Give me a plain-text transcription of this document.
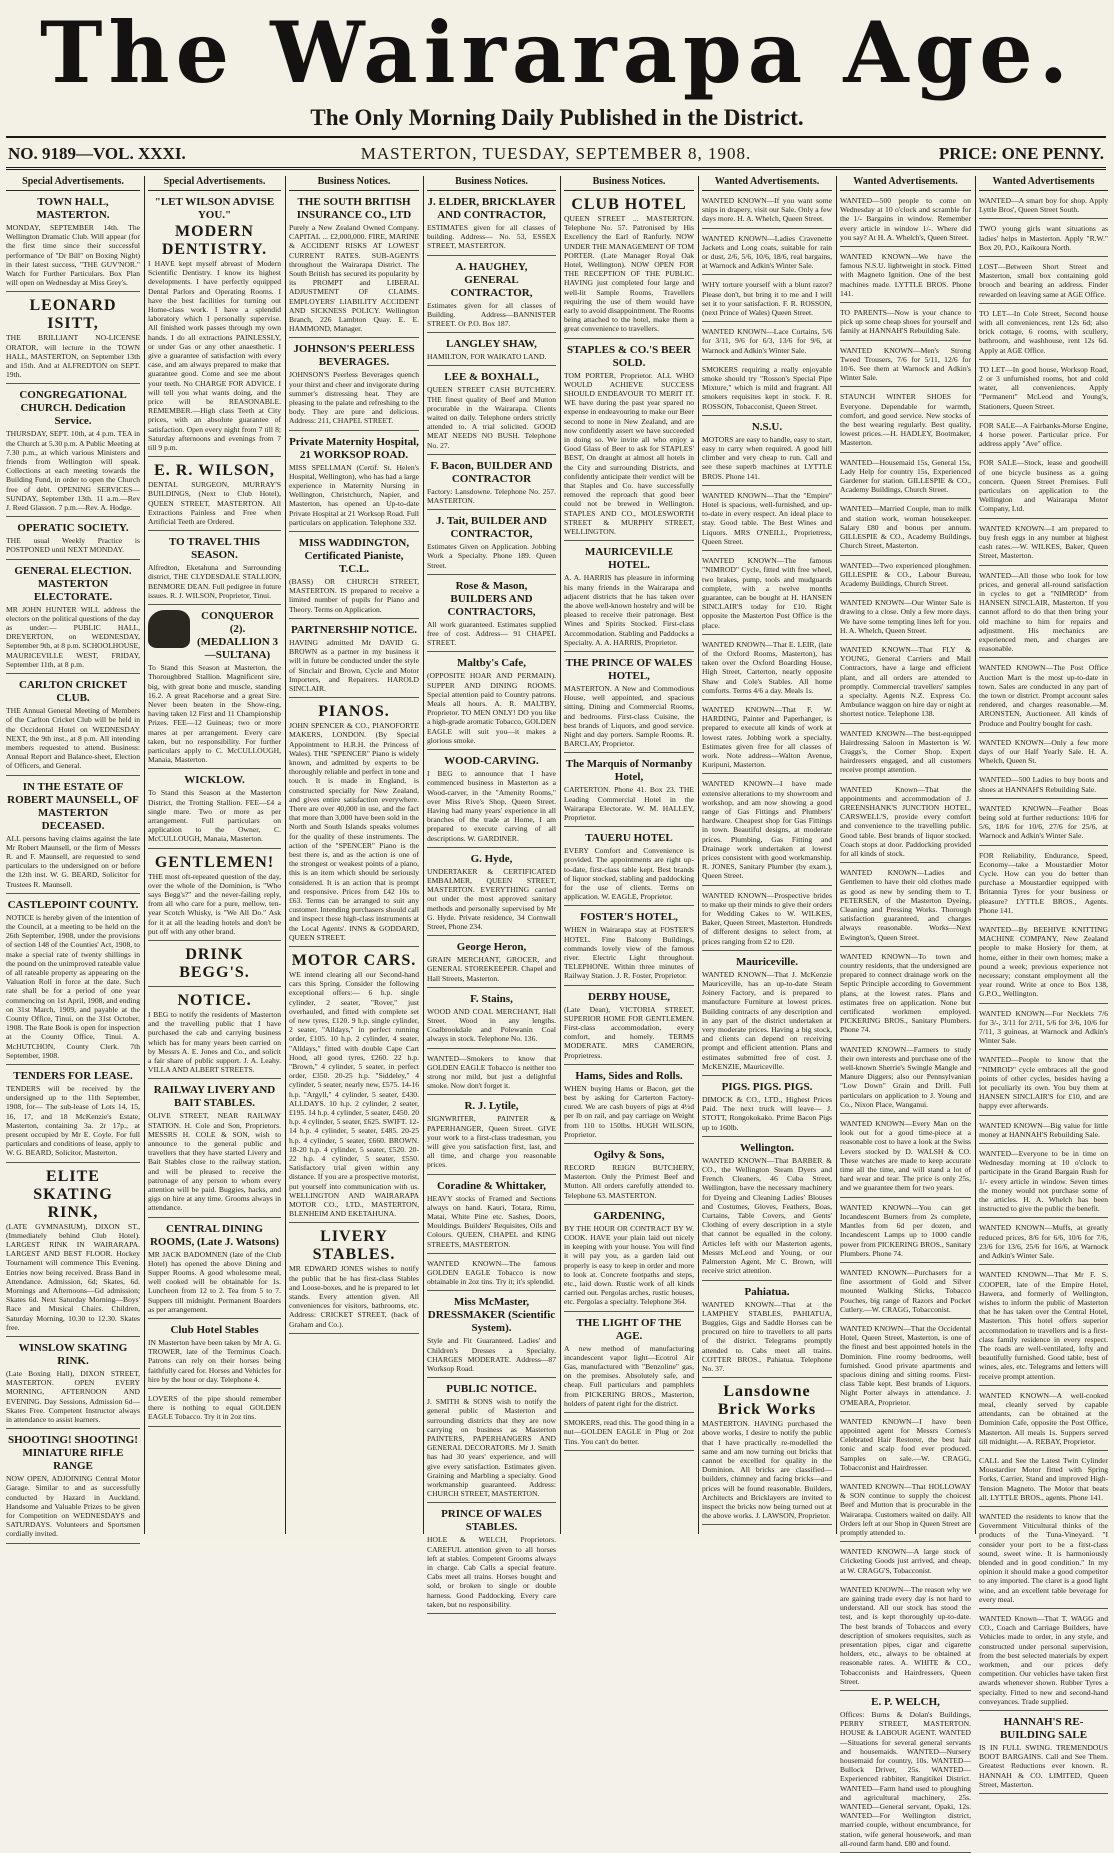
The Wairarapa Age.
The Only Morning Daily Published in the District.
MASTERTON, TUESDAY, SEPTEMBER 8, 1908.
NO. 9189—VOL. XXXI.	PRICE: ONE PENNY.
Special Advertisements.
TOWN HALL, MASTERTON.
MONDAY, SEPTEMBER 14th. The Wellington Dramatic Club. Will appear (for the first time since their successful performance of "Dr Bill" on Boxing Night) in their latest success, "THE GUV'NOR." Watch for Further Particulars. Box Plan will open on Wednesday at Miss Grey's.
LEONARD ISITT,
THE BRILLIANT NO-LICENSE ORATOR, will lecture in the TOWN HALL, MASTERTON, on September 13th and 15th. And at ALFREDTON on SEPT. 19th.
CONGREGATIONAL CHURCH. Dedication Service.
THURSDAY, SEPT. 10th, at 4 p.m. TEA in the Church at 5.30 p.m. A Public Meeting at 7.30 p.m., at which various Ministers and friends from Wellington will speak. Collections at each meeting towards the Building Fund, in order to open the Church free of debt. OPENING SERVICES—SUNDAY, September 13th. 11 a.m.—Rev J. Reed Glasson. 7 p.m.—Rev. A. Hodge.
OPERATIC SOCIETY.
THE usual Weekly Practice is POSTPONED until NEXT MONDAY.
GENERAL ELECTION. MASTERTON ELECTORATE.
MR JOHN HUNTER WILL address the electors on the political questions of the day as under:— PUBLIC HALL, DREYERTON, on WEDNESDAY, September 9th, at 8 p.m. SCHOOLHOUSE, MAURICEVILLE WEST, FRIDAY, September 11th, at 8 p.m.
CARLTON CRICKET CLUB.
THE Annual General Meeting of Members of the Carlton Cricket Club will be held in the Occidental Hotel on WEDNESDAY NEXT, the 9th inst., at 8 p.m. All intending members requested to attend. Business: Annual Report and Balance-sheet, Election of Officers, and General.
IN THE ESTATE OF ROBERT MAUNSELL, OF MASTERTON DECEASED.
ALL persons having claims against the late Mr Robert Maunsell, or the firm of Messrs R. and F. Maunsell, are requested to send particulars to the undersigned on or before the 12th inst. W. G. BEARD, Solicitor for Trustees R. Maunsell.
CASTLEPOINT COUNTY.
NOTICE is hereby given of the intention of the Council, at a meeting to be held on the 26th September, 1908, under the provisions of section 148 of the Counties' Act, 1908, to make a special rate of twenty shillings in the pound on the unimproved rateable value of all rateable property as appearing on the Valuation Roll in force at the date. Such rate shall be for a period of one year commencing on 1st April, 1908, and ending on 31st March, 1909, and payable at the County Office, Tinui, on the 31st October, 1908. The Rate Book is open for inspection at the County Office, Tinui. A. McHUTCHON, County Clerk. 7th September, 1908.
TENDERS FOR LEASE.
TENDERS will be received by the undersigned up to the 11th September, 1908, for— The sub-lease of Lots 14, 15, 16, 17, and 18 McKenzie's Estate, Masterton, containing 3a. 2r 17p., at present occupied by Mr E. Coyle. For full particulars and conditions of lease, apply to W. G. BEARD, Solicitor, Masterton.
ELITE SKATING RINK,
(LATE GYMNASIUM), DIXON ST., (Immediately behind Club Hotel). LARGEST RINK IN WAIRARAPA. LARGEST AND BEST FLOOR. Hockey Tournament will commence This Evening. Entries now being received. Brass Band in Attendance. Admission, 6d; Skates, 6d. Mornings and Afternoons—Gd admission; Skates 6d. Next Saturday Morning—Boys' Race and Musical Chairs. Children, Saturday Morning, 10.30 to 12.30. Skates free.
WINSLOW SKATING RINK.
(Late Boxing Hall), DIXON STREET, MASTERTON. OPEN EVERY MORNING, AFTERNOON AND EVENING. Day Sessions, Admission 6d—Skates Free. Competent Instructor always in attendance to assist learners.
SHOOTING! SHOOTING! MINIATURE RIFLE RANGE
NOW OPEN, ADJOINING Central Motor Garage. Similar to and as successfully conducted by Hazard in Auckland. Handsome and Valuable Prizes to be given for Competition on WEDNESDAYS and SATURDAYS. Volunteers and Sportsmen cordially invited.
Special Advertisements.
"LET WILSON ADVISE YOU."
MODERN DENTISTRY.
I HAVE kept myself abreast of Modern Scientific Dentistry. I know its highest developments. I have perfectly equipped Dental Parlors and Operating Rooms. I have the best facilities for turning out Home-class work. I have a splendid laboratory which I personally supervise. All finished work passes through my own hands. I do all extractions PAINLESSLY, or under Gas or any other anaesthetic. I give a guarantee of satisfaction with every case, and am always prepared to make that guarantee good. Come and see me about your teeth. No CHARGE FOR ADVICE. I will tell you what wants doing, and the price will be REASONABLE. REMEMBER.—High class Teeth at City prices, with an absolute guarantee of satisfaction. Open every night from 7 till 8; Saturday afternoons and evenings from 7 till 9 p.m.
E. R. WILSON,
DENTAL SURGEON, MURRAY'S BUILDINGS, (Next to Club Hotel), QUEEN STREET, MASTERTON. All Extractions Painless and Free when Artificial Teeth are Ordered.
TO TRAVEL THIS SEASON.
Alfredton, Eketahuna and Surrounding district, THE CLYDESDALE STALLION, BENMORE DEAN. Full pedigree in future issues. R. J. WILSON, Proprietor, Tinui.
CONQUEROR (2). (MEDALLION 3—SULTANA)
To Stand this Season at Masterton, the Thoroughbred Stallion. Magnificent sire, big, with great bone and muscle, standing 16.2. A great Racehorse and a great Sire. Never been beaten in the Show-ring, having taken 12 First and 11 Championship Prizes. FEE—12 Guineas; two or more mares at per arrangement. Every care taken, but no responsibility. For further particulars apply to C. McCULLOUGH, Manaia, Masterton.
WICKLOW.
To Stand this Season at the Masterton District, the Trotting Stallion. FEE—£4 a single mare. Two or more as per arrangement. Full particulars on application to the Owner, C. McCULLOUGH, Manaia, Masterton.
GENTLEMEN!
THE most oft-repeated question of the day, over the whole of the Dominion, is "Who says Begg's?" and the never-failing reply, from all who care for a pure, mellow, ten-year Scotch Whisky, is "We All Do." Ask for it at all the leading hotels and don't be put off with any other brand.
DRINK BEGG'S.
NOTICE.
I BEG to notify the residents of Masterton and the travelling public that I have purchased the cab and carrying business which has for many years been carried on by Messrs A. E. Jones and Co., and solicit a fair share of public support. J. A. Leahy. VILLA AND ALBERT STREETS.
RAILWAY LIVERY AND BAIT STABLES.
OLIVE STREET, NEAR RAILWAY STATION. H. Cole and Son, Proprietors. MESSRS H. COLE & SON, wish to announce to the general public and travellers that they have started Livery and Bait Stables close to the railway station, and will be pleased to receive the patronage of any person to whom every attention will be paid. Buggies, hacks, and gigs on hire at any time. Grooms always in attendance.
CENTRAL DINING ROOMS, (Late J. Watsons)
MR JACK BADOMNEN (late of the Club Hotel) has opened the above Dining and Supper Rooms. A good wholesome meal, well cooked will be obtainable for 1s. Luncheon from 12 to 2. Tea from 5 to 7. Suppers till midnight. Permanent Boarders as per arrangement.
Club Hotel Stables
IN Masterton have been taken by Mr A. G. TROWER, late of the Terminus Coach. Patrons can rely on their horses being faithfully cared for. Horses and Vehicles for hire by the hour or day. Telephone 4.
LOVERS of the pipe should remember there is nothing to equal GOLDEN EAGLE Tobacco. Try it in 2oz tins.
Business Notices.
THE SOUTH BRITISH INSURANCE CO., LTD
Purely a New Zealand Owned Company. CAPITAL ... £2,000,000. FIRE, MARINE & ACCIDENT RISKS AT LOWEST CURRENT RATES. SUB-AGENTS throughout the Wairarapa District. The South British has secured its popularity by its PROMPT and LIBERAL ADJUSTMENT OF CLAIMS. EMPLOYERS' LIABILITY ACCIDENT AND SICKNESS POLICY. Wellington Branch, 226 Lambton Quay. E. E. HAMMOND, Manager.
JOHNSON'S PEERLESS BEVERAGES.
JOHNSON'S Peerless Beverages quench your thirst and cheer and invigorate during summer's distressing heat. They are pleasing to the palate and refreshing to the body. They are pure and delicious. Address: 211, CHAPEL STREET.
Private Maternity Hospital, 21 WORKSOP ROAD.
MISS SPELLMAN (Certif. St. Helen's Hospital, Wellington), who has had a large experience in Maternity Nursing in Wellington, Christchurch, Napier, and Masterton, has opened an Up-to-date Private Hospital at 21 Worksop Road. Full particulars on application. Telephone 332.
MISS WADDINGTON, Certificated Pianiste, T.C.L.
(BASS) OR CHURCH STREET, MASTERTON. IS prepared to receive a limited number of pupils for Piano and Theory. Terms on Application.
PARTNERSHIP NOTICE.
HAVING admitted Mr DAVID G. BROWN as a partner in my business it will in future be conducted under the style of Sinclair and Brown, Cycle and Motor Importers, and Repairers. HAROLD SINCLAIR.
PIANOS.
JOHN SPENCER & CO., PIANOFORTE MAKERS, LONDON. (By Special Appointment to H.R.H. the Princess of Wales). THE "SPENCER" Piano is widely known, and admitted by experts to be thoroughly reliable and perfect in tone and touch. It is made in England, is constructed specially for New Zealand, and gives entire satisfaction everywhere. There are over 40,000 in use, and the fact that more than 3,000 have been sold in the North and South Islands speaks volumes for the quality of these instruments. The action of the "SPENCER" Piano is the best there is, and as the action is one of the strongest or weakest points of a piano, this is an item which should be seriously considered. It is an action that is prompt and responsive. Prices from £42 10s to £63. Terms can be arranged to suit any customer. Intending purchasers should call and inspect these high-class instruments at the Local Agents'. INNS & GODDARD, QUEEN STREET.
MOTOR CARS.
WE intend clearing all our Second-hand cars this Spring. Consider the following exceptional offers:— 6 h.p. single cylinder, 2 seater, "Rover," just overhauled, and fitted with complete set of new tyres, £120. 9 h.p. single cylinder, 2 seater, "Alldays," in perfect running order, £105. 10 h.p. 2 cylinder, 4 seater, "Alldays," fitted with double Cape Cart Hood, all good tyres, £260. 22 h.p. "Brown," 4 cylinder, 5 seater, in perfect order, £350. 20-25 h.p. "Siddeley," 4 cylinder, 5 seater, nearly new, £575. 14-16 h.p. "Argyll," 4 cylinder, 5 seater, £430. ALLDAYS. 10 h.p. 2 cylinder, 2 seater, £195. 14 h.p. 4 cylinder, 5 seater, £450. 20 h.p. 4 cylinder, 5 seater, £625. SWIFT. 12-14 h.p. 4 cylinder, 5 seater, £485. 20-25 h.p. 4 cylinder, 5 seater, £660. BROWN. 18-20 h.p. 4 cylinder, 5 seater, £520. 20-22 h.p. 4 cylinder, 5 seater, £550. Satisfactory trial given within any distance. If you are a prospective motorist, put yourself into communication with us. WELLINGTON AND WAIRARAPA MOTOR CO., LTD., MASTERTON, BLENHEIM AND EKETAHUNA.
LIVERY STABLES.
MR EDWARD JONES wishes to notify the public that he has first-class Stables and Loose-boxes, and he is prepared to let stands. Every attention given. All conveniences for visitors, bathrooms, etc. Address: CRICKET STREET, (back of Graham and Co.).
Business Notices.
J. ELDER, BRICKLAYER AND CONTRACTOR,
ESTIMATES given for all classes of building. Address— No. 53, ESSEX STREET, MASTERTON.
A. HAUGHEY, GENERAL CONTRACTOR,
Estimates given for all classes of Building. Address—BANNISTER STREET. Or P.O. Box 187.
LANGLEY SHAW,
HAMILTON, FOR WAIKATO LAND.
LEE & BOXHALL,
QUEEN STREET CASH BUTCHERY. THE finest quality of Beef and Mutton procurable in the Wairarapa. Clients waited on daily. Telephone orders strictly attended to. A trial solicited. GOOD MEAT NEEDS NO BUSH. Telephone No. 27.
F. Bacon, BUILDER AND CONTRACTOR
Factory: Lansdowne. Telephone No. 257. MASTERTON.
J. Tait, BUILDER AND CONTRACTOR,
Estimates Given on Application. Jobbing Work a Specialty. Phone 189. Queen Street.
Rose & Mason, BUILDERS AND CONTRACTORS,
All work guaranteed. Estimates supplied free of cost. Address— 91 CHAPEL STREET.
Maltby's Cafe,
(OPPOSITE HOAR AND PERMAIN). SUPPER AND DINING ROOMS. Special attention paid to Country patrons. Meals all hours. A. R. MALTBY, Proprietor. TO MEN ONLY! DO you like a high-grade aromatic Tobacco, GOLDEN EAGLE will suit you—it makes a glorious smoke.
WOOD-CARVING.
I BEG to announce that I have commenced business in Masterton as a Wood-carver, in the "Amenity Rooms," over Miss Rive's Shop, Queen Street. Having had many years' experience in all branches of the trade at Home, I am prepared to execute carving of all descriptions. W. GARDINER.
G. Hyde,
UNDERTAKER & CERTIFICATED EMBALMER, QUEEN STREET, MASTERTON. EVERYTHING carried out under the most approved sanitary methods and personally supervised by Mr G. Hyde. Private residence, 34 Cornwall Street, Phone 234.
George Heron,
GRAIN MERCHANT, GROCER, and GENERAL STOREKEEPER. Chapel and Hall Streets, Masterton.
F. Stains,
WOOD AND COAL MERCHANT, Hall Street. Wood in any lengths. Coalbrookdale and Polewanin Coal always in stock. Telephone No. 136.
WANTED—Smokers to know that GOLDEN EAGLE Tobacco is neither too strong nor mild, but just a delightful smoke. Now don't forget it.
R. J. Lytile,
SIGNWRITER, PAINTER & PAPERHANGER, Queen Street. GIVE your work to a first-class tradesman, you will give you satisfaction first, last, and all time, and charge you reasonable prices.
Coradine & Whittaker,
HEAVY stocks of Framed and Sections always on hand. Kauri, Totara, Rimu, Matai, White Pine etc. Sashes, Doors, Mouldings. Builders' Requisites, Oils and Colours. QUEEN, CHAPEL and KING STREETS, MASTERTON.
WANTED KNOWN—The famous GOLDEN EAGLE Tobacco is now obtainable in 2oz tins. Try it; it's splendid.
Miss McMaster, DRESSMAKER (Scientific System).
Style and Fit Guaranteed. Ladies' and Children's Dresses a Specialty. CHARGES MODERATE. Address—87 Worksop Road.
PUBLIC NOTICE.
J. SMITH & SONS wish to notify the general public of Masterton and surrounding districts that they are now carrying on business as Masterton PAINTERS, PAPERHANGERS AND GENERAL DECORATORS. Mr J. Smith has had 30 years' experience, and will give every satisfaction. Estimates given. Graining and Marbling a specialty. Good workmanship guaranteed. Address: CHURCH STREET, MASTERTON.
PRINCE OF WALES STABLES.
HOLE & WELCH, Proprietors. CAREFUL attention given to all horses left at stables. Competent Grooms always in charge. Cab Calls a special feature. Cabs meet all trains. Horses bought and sold, or broken to single or double harness. Good Paddocking. Every care taken, but no responsibility.
Business Notices.
CLUB HOTEL
QUEEN STREET ... MASTERTON. Telephone No. 57. Patronised by His Excellency the Earl of Ranfurly. NOW UNDER THE MANAGEMENT OF TOM PORTER. (Late Manager Royal Oak Hotel, Wellington). NOW OPEN FOR THE RECEPTION OF THE PUBLIC. HAVING just completed four large and well-lit Sample Rooms, Travellers requiring the use of them would have early to avoid disappointment. The Rooms being attached to the hotel, make them a great convenience to travellers.
STAPLES & CO.'S BEER SOLD.
TOM PORTER, Proprietor. ALL WHO WOULD ACHIEVE SUCCESS SHOULD ENDEAVOUR TO MERIT IT. WE have during the past year spared no expense in endeavouring to make our Beer second to none in New Zealand, and are now confidently assert we have succeeded in doing so. We invite all who enjoy a Good Glass of Beer to ask for STAPLES' BEST, On draught at almost all hotels in the City and surrounding Districts, and confidently anticipate their verdict will be that Staples and Co. have successfully removed the reproach that good beer could not be brewed in Wellington. STAPLES AND CO., MOLESWORTH STREET & MURPHY STREET, WELLINGTON.
MAURICEVILLE HOTEL.
A. A. HARRIS has pleasure in informing his many friends in the Wairarapa and adjacent districts that he has taken over the above well-known hostelry and will be pleased to receive their patronage. Best Wines and Spirits Stocked. First-class Accommodation. Stabling and Paddocks a Specialty. A. A. HARRIS, Proprietor.
THE PRINCE OF WALES HOTEL,
MASTERTON. A New and Commodious House, well appointed, and spacious sitting, Dining and Commercial Rooms, and bedrooms. First-class Cuisine, the best brands of Liquors, and good service. Night and day porters. Sample Rooms. R. BARCLAY, Proprietor.
The Marquis of Normanby Hotel,
CARTERTON. Phone 41. Box 23. THE Leading Commercial Hotel in the Wairarapa Electorate. W. M. HALLEY, Proprietor.
TAUERU HOTEL
EVERY Comfort and Convenience is provided. The appointments are right up-to-date, first-class table kept. Best brands of liquor stocked, stabling and paddocking for the use of clients. Terms on application. W. EAGLE, Proprietor.
FOSTER'S HOTEL,
WHEN in Wairarapa stay at FOSTER'S HOTEL. Fine Balcony Buildings, commands lovely view of the famous river. Electric Light throughout. TELEPHONE. Within three minutes of Railway Station. J. R. Foster, Proprietor.
DERBY HOUSE,
(Late Dean), VICTORIA STREET, SUPERIOR HOME FOR GENTLEMEN. First-class accommodation, every comfort, and homely. TERMS MODERATE. MRS CAMERON, Proprietress.
Hams, Sides and Rolls.
WHEN buying Hams or Bacon, get the best by asking for Carterton Factory-cured. We are cash buyers of pigs at 4½d per lb on rail, and pay carriage on Weight from 110 to 150lbs. HUGH WILSON, Proprietor.
Ogilvy & Sons,
RECORD REIGN BUTCHERY, Masterton. Only the Primest Beef and Mutton. All orders carefully attended to. Telephone 63. MASTERTON.
GARDENING,
BY THE HOUR OR CONTRACT BY W. COOK. HAVE your plain laid out nicely in keeping with your house. You will find it will pay you, as a garden laid out properly is easy to keep in order and more to look at. Concrete footpaths and steps, etc., laid down. Rustic work of all kinds carried out. Pergolas arches, rustic houses, etc. Pergolas a specialty. Telephone 364.
THE LIGHT OF THE AGE.
A new method of manufacturing incandescent vapor light—Ecotrol Air Gas, manufactured with "Benzoline" gas, on the premises. Absolutely safe, and cheap. Full particulars and pamphlets from PICKERING BROS., Masterton, holders of patent right for the district.
SMOKERS, read this. The good thing in a nut—GOLDEN EAGLE in Plug or 2oz Tins. You can't do better.
Wanted Advertisements.
WANTED KNOWN—If you want some snips in drapery, visit our Sale. Only a few days more. H. A. Whelch, Queen Street.
WANTED KNOWN—Ladies Cravenette Jackets and Long coats, suitable for rain or dust, 2/6, 5/6, 10/6, 18/6, real bargains, at Warnock and Adkin's Winter Sale.
WHY torture yourself with a blunt razor? Please don't, but bring it to me and I will set it to your satisfaction. F. R. ROSSON, (next Prince of Wales) Queen Street.
WANTED KNOWN—Lace Curtains, 5/6 for 3/11, 9/6 for 6/3, 13/6 for 9/6, at Warnock and Adkin's Winter Sale.
SMOKERS requiring a really enjoyable smoke should try "Rosson's Special Pipe Mixture," which is mild and fragrant. All smokers requisites kept in stock. F. R. ROSSON, Tobacconist, Queen Street.
N.S.U.
MOTORS are easy to handle, easy to start, easy to carry when required. A good hill climber and very cheap to run. Call and see these superb machines at LYTTLE BROS. Phone 141.
WANTED KNOWN—That the "Empire" Hotel is spacious, well-furnished, and up-to-date in every respect. An ideal place to stay. Good table. The Best Wines and Liquors. MRS O'NEILL, Proprietress, Queen Street.
WANTED KNOWN—The famous "NIMROD" Cycle, fitted with free wheel, two brakes, pump, tools and mudguards complete, with a twelve months guarantee, can be bought at H. HANSEN SINCLAIR'S today for £10. Right opposite the Masterton Post Office is the place.
WANTED KNOWN—That E. LEIR, (late of the Oxford Rooms, Masterton), has taken over the Oxford Boarding House, High Street, Carterton, nearly opposite Shaw and Cole's Stables. All home comforts. Terms 4/6 a day. Meals 1s.
WANTED KNOWN—That F. W. HARDING, Painter and Paperhanger, is prepared to execute all kinds of work at lowest rates. Jobbing work a specialty. Estimates given free for all classes of work. Note address—Walton Avenue, Kuripuni, Masterton.
WANTED KNOWN—I have made extensive alterations to my showroom and workshop, and am now showing a good range of Gas Fittings and Plumbers' hardware. Cheapest shop for Gas Fittings in town. Beautiful designs, at moderate prices. Plumbing, Gas Fitting and Drainage work undertaken at lowest prices consistent with good workmanship. R. JONES, Sanitary Plumber (by exam.), Queen Street.
WANTED KNOWN—Prospective brides to make up their minds to give their orders for Wedding Cakes to W. WILKES, Baker, Queen Street, Masterton. Hundreds of different designs to select from, at prices ranging from £2 to £20.
Mauriceville.
WANTED KNOWN—That J. McKenzie Mauriceville, has an up-to-date Steam Joinery Factory, and is prepared to manufacture Furniture at lowest prices. Building contracts of any description and in any part of the district undertaken at very moderate prices. Having a big stock, and clients can depend on receiving prompt and efficient attention. Plans and estimates submitted free of cost. J. McKENZIE, Mauriceville.
PIGS. PIGS. PIGS.
DIMOCK & CO., LTD., Highest Prices Paid. The next truck will leave— J. STOTT, Rongokokako. Prime Bacon Pigs up to 160lb.
Wellington.
WANTED KNOWN—That BARBER & CO., the Wellington Steam Dyers and French Cleaners, 46 Cuba Street, Wellington, have the necessary machinery for Dyeing and Cleaning Ladies' Blouses and Costumes, Gloves, Feathers, Boas, Curtains, Table Covers, and Gents' Clothing of every description in a style that cannot be equalled in the colony. Articles left with our Masterton agents, Messrs McLeod and Young, or our Palmerston Agent, Mr C. Brown, will receive strict attention.
Pahiatua.
WANTED KNOWN—That at the LAMPHEY STABLES, PAHIATUA, Buggies, Gigs and Saddle Horses can be procured on hire to travellers to all parts of the district. Telegrams promptly attended to. Cabs meet all trains. COTTER BROS., Pahiatua. Telephone No. 37.
Lansdowne Brick Works
MASTERTON. HAVING purchased the above works, I desire to notify the public that I have practically re-modelled the same and am now turning out bricks that cannot be excelled for quality in the Dominion. All bricks are classified—builders, chimney and facing bricks—and prices will be found reasonable. Builders, Architects and Bricklayers are invited to inspect the bricks now being turned out at the above works. J. LAWSON, Proprietor.
Wanted Advertisements.
WANTED—500 people to come on Wednesday at 10 o'clock and scramble for the 1/- Bargains in window. Remember every article in window 1/-. Where did you say? At H. A. Whelch's, Queen Street.
WANTED KNOWN—We have the famous N.S.U. lightweight in stock. Fitted with Magneto Ignition. One of the best machines made. LYTTLE BROS. Phone 141.
TO PARENTS—Now is your chance to pick up some cheap shoes for yourself and family at HANNAH'S Rebuilding Sale.
WANTED KNOWN—Men's Strong Tweed Trousers, 7/6 for 5/11, 12/6 for 10/6. See them at Warnock and Adkin's Winter Sale.
STAUNCH WINTER SHOES for Everyone. Dependable for warmth, comfort, and good service. New stocks of the best wearing regularly. Best quality, lowest prices.—H. HADLEY, Bootmaker, Masterton.
WANTED—Housemaid 15s, General 15s, Lady Help for country 15s, Experienced Gardener for station. GILLESPIE & CO., Academy Buildings, Church Street.
WANTED—Married Couple, man to milk and station work, woman housekeeper. Salary £80 and bonus per annum. GILLESPIE & CO., Academy Buildings, Church Street, Masterton.
WANTED—Two experienced ploughmen. GILLESPIE & CO., Labour Bureau, Academy Buildings, Church Street.
WANTED KNOWN—Our Winter Sale is drawing to a close. Only a few more days. We have some tempting lines left for you. H. A. Whelch, Queen Street.
WANTED KNOWN—That FLY & YOUNG, General Carriers and Mail Contractors, have a large and efficient plant, and all orders are attended to promptly. Commercial travellers' samples a specialty. Agents N.Z. Express Co. Ambulance waggon on hire day or night at shortest notice. Telephone 138.
WANTED KNOWN—The best-equipped Hairdressing Saloon in Masterton is W. Craggs's, the Corner Shop. Expert hairdressers engaged, and all customers receive prompt attention.
WANTED Known—That the appointments and accommodation of J. GREENSHANK'S JUNCTION HOTEL, CARSWELL'S, provide every comfort and convenience to the travelling public. Good table. Best brands of liquor stocked. Coach stops at door. Paddocking provided for all kinds of stock.
WANTED KNOWN—Ladies and Gentlemen to have their old clothes made as good as new by sending them to T. PETERSEN, of the Masterton Dyeing, Cleaning and Pressing Works. Thorough satisfaction guaranteed, and charges always reasonable. Works—Next Ewington's, Queen Street.
WANTED KNOWN—To town and country residents, that the undersigned are prepared to connect drainage work on the Septic Principle according to Government plans, at the lowest rates. Plans and estimates free on application. None but certificated workmen employed. PICKERING BROS., Sanitary Plumbers. Phone 74.
WANTED KNOWN—Farmers to study their own interests and purchase one of the well-known Sherrie's Swingle Mangle and Manure Diggers; also our Pennsylvanian "Low Down" Grain and Drill. Full particulars on application to J. Young and Co., Nixon Place, Wanganui.
WANTED KNOWN—Every Man on the look out for a good time-piece at a reasonable cost to have a look at the Swiss Levers stocked by D. WALSH & CO. These watches are made to keep accurate time all the time, and will stand a lot of hard wear and tear. The price is only 25s, and we guarantee them for two years.
WANTED KNOWN—You can get Incandescent Burners from 2s complete, Mantles from 6d per dozen, and Incandescent Lamps up to 1000 candle power from PICKERING BROS., Sanitary Plumbers. Phone 74.
WANTED KNOWN—Purchasers for a fine assortment of Gold and Silver mounted Walking Sticks, Tobacco Pouches, big range of Razors and Pocket Cutlery.—W. CRAGG, Tobacconist.
WANTED KNOWN—That the Occidental Hotel, Queen Street, Masterton, is one of the finest and best appointed hotels in the Dominion. Fine roomy bedrooms, well furnished. Good private apartments and spacious dining and sitting rooms. First-class Table kept. Best brands of Liquors. Night Porter always in attendance. J. O'MEARA, Proprietor.
WANTED KNOWN—I have been appointed agent for Messrs Cornes's Celebrated Hair Restorer, the best hair tonic and scalp food ever produced. Samples on sale.—W. CRAGG, Tobacconist and Hairdresser.
WANTED KNOWN—That HOLLOWAY & SON continue to supply the choicest Beef and Mutton that is procurable in the Wairarapa. Customers waited on daily. All Orders left at our Shop in Queen Street are promptly attended to.
WANTED KNOWN—A large stock of Cricketing Goods just arrived, and cheap, at W. CRAGG'S, Tobacconist.
WANTED KNOWN—The reason why we are gaining trade every day is not hard to understand. All our stock has stood the test, and is kept thoroughly up-to-date. The best brands of Tobaccos and every description of smokers requisites, such as presentation pipes, cigar and cigarette holders, etc., always to be obtained at reasonable rates. A. WHITE & CO., Tobacconists and Hairdressers, Queen Street.
E. P. WELCH,
Offices: Burns & Dolan's Buildings, PERRY STREET, MASTERTON. HOUSE & LABOUR AGENT. WANTED—Situations for several general servants and housemaids. WANTED—Nursery housemaid for country, 10s. WANTED—Bullock Driver, 25s. WANTED—Experienced rabbiter, Rangitikei District. WANTED—Farm hand used to ploughing and agricultural machinery, 25s. WANTED—General servant, Opaki, 12s. WANTED—For Wellington district, married couple, without encumbrance, for station, wife general housework, and man all-round farm hand. £80 and found.
Wanted Advertisements
WANTED—A smart boy for shop. Apply Lyttle Bros', Queen Street South.
TWO young girls want situations as ladies' helps in Masterton. Apply "R.W." Box 20, P.O., Kaikoura North.
LOST—Between Short Street and Masterton, small box containing gold brooch and bearing an address. Finder rewarded on leaving same at AGE Office.
TO LET—In Cole Street, Second house with all conveniences, rent 12s 6d; also brick cottage, 6 rooms, with scullery, bathroom, and washhouse, rent 12s 6d. Apply at AGE Office.
TO LET—In good house, Worksop Road, 2 or 3 unfurnished rooms, hot and cold water, all conveniences. Apply "Permanent" McLeod and Young's, Stationers, Queen Street.
FOR SALE—A Fairbanks-Morse Engine, 4 horse power. Particular price. For address apply "Ave" office.
FOR SALE—Stock, lease and goodwill of one bicycle business as a going concern. Queen Street Premises. Full particulars on application to the Wellington and Wairarapa Motor Company, Ltd.
WANTED KNOWN—I am prepared to buy fresh eggs in any number at highest cash rates.—W. WILKES, Baker, Queen Street, Masterton.
WANTED—All those who look for low prices, and general all-round satisfaction in cycles to get a "NIMROD" from HANSEN SINCLAIR, Masterton. If you cannot afford to do that then bring your old machine to him for repairs and adjustment. His mechanics are experienced men, and charges are reasonable.
WANTED KNOWN—The Post Office Auction Mart is the most up-to-date in town. Sales are conducted in any part of the town or district. Prompt account sales rendered, and charges reasonable.—M. ARONSTEN, Auctioneer. All kinds of Produce and Poultry bought for cash.
WANTED KNOWN—Only a few more days of our Half Yearly Sale. H. A. Whelch, Queen St.
WANTED—500 Ladies to buy boots and shoes at HANNAH'S Rebuilding Sale.
WANTED KNOWN—Feather Boas being sold at further reductions: 10/6 for 5/6, 18/6 for 10/6, 27/6 for 25/6, at Warnock and Adkin's Winter Sale.
FOR Reliability, Endurance, Speed, Economy—take a Moustardier Motor Cycle. How can you do better than purchase a Moustardier equipped with Britannia Tyres for your business or pleasure? LYTTLE BROS., Agents. Phone 141.
WANTED—By BEEHIVE KNITTING MACHINE COMPANY, New Zealand people to make Hosiery for them, at home, either in their own homes; make a pound a week; previous experience not necessary; constant employment all the year round. Write at once to Box 138, G.P.O., Wellington.
WANTED KNOWN—For Necklets 7/6 for 3/-, 3/11 for 2/11, 5/6 for 3/6, 10/6 for 7/11, 3 guineas, at Warnock and Adkin's Winter Sale.
WANTED—People to know that the "NIMROD" cycle embraces all the good points of other cycles, besides having a lot peculiarly its own. You buy them at HANSEN SINCLAIR'S for £10, and are happy ever afterwards.
WANTED KNOWN—Big value for little money at HANNAH'S Rebuilding Sale.
WANTED—Everyone to be in time on Wednesday morning at 10 o'clock to participate in the Grand Bargain Rush for 1/- every article in window. Seven times the money would not purchase some of the articles. H. A. Whelch has been instructed to give the public the benefit.
WANTED KNOWN—Muffs, at greatly reduced prices, 8/6 for 6/6, 10/6 for 7/6, 23/6 for 13/6, 25/6 for 16/6, at Warnock and Adkin's Winter Sale.
WANTED KNOWN—That Mr F. S. COOPER, late of the Empire Hotel, Hawera, and formerly of Wellington, wishes to inform the public of Masterton that he has taken over the Central Hotel, Masterton. This hotel offers superior accommodation to travellers and is a first-class family residence in every respect. The roads are well-ventilated, lofty and beautifully furnished. Good table, best of wines, ales, etc. Telegrams and letters will receive prompt attention.
WANTED KNOWN—A well-cooked meal, cleanly served by capable attendants, can be obtained at the Dominion Cafe, opposite the Post Office, Masterton. All meals 1s. Suppers served till midnight.—A. REBAY, Proprietor.
CALL and See the Latest Twin Cylinder Moustardier Motor fitted with Spring Forks, Carrier, Stand and improved High-Tension Magneto. The Motor that beats all. LYTTLE BROS., agents. Phone 141.
WANTED the residents to know that the Government Viticultural thinks of the products of the Tuna-Vineyard. "I consider your port to be a first-class sound, sweet wine. It is harmoniously blended and in good condition." In my opinion it should make a good competitor to any imported. The claret is a good light wine, and an excellent table beverage for every meal.
WANTED Known—That T. WAGG and CO., Coach and Carriage Builders, have Vehicles made to order, in any style, and constructed under personal supervision, from the best selected materials by expert workmen, and our prices defy competition. Our vehicles have taken first awards whenever shown. Rubber Tyres a specialty. Fitted to new and second-hand conveyances. Trade supplied.
HANNAH'S RE-BUILDING SALE
IS IN FULL SWING. TREMENDOUS BOOT BARGAINS. Call and See Them. Greatest Reductions ever known. R. HANNAH & CO. LIMITED, Queen Street, Masterton.
